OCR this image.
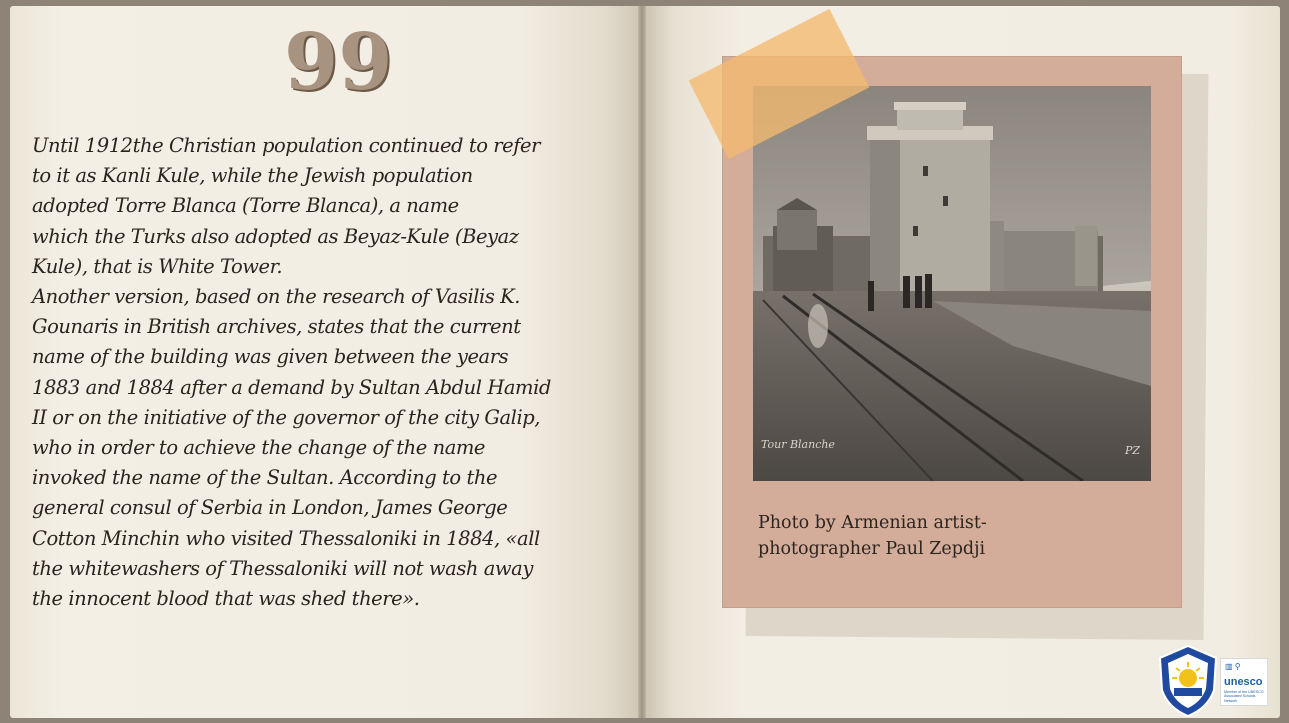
99

Until 1912the Christian population continued to refer
to it as Kanli Kule, while the Jewish population
adopted Torre Blanca (Torre Blanca), a name
which the Turks also adopted as Beyaz-Kule (Beyaz
Kule), that is White Tower.

Another version, based on the research of Vasilis K.
Gounaris in British archives, states that the current
name of the building was given between the years
1883 and 1884 after a demand by Sultan Abdul Hamid
II or on the initiative of the governor of the city Galip,
who in order to achieve the change of the name
invoked the name of the Sultan. According to the
general consul of Serbia in London, James George
Cotton Minchin who visited Thessaloniki in 1884, «all
the whitewashers of Thessaloniki will not wash away
the innocent blood that was shed there».

Tour Blanche	PZ
Photo by Armenian artist-
photographer Paul Zepdji
▥ ⚲
unesco
Member of the UNESCO Associated Schools Network
